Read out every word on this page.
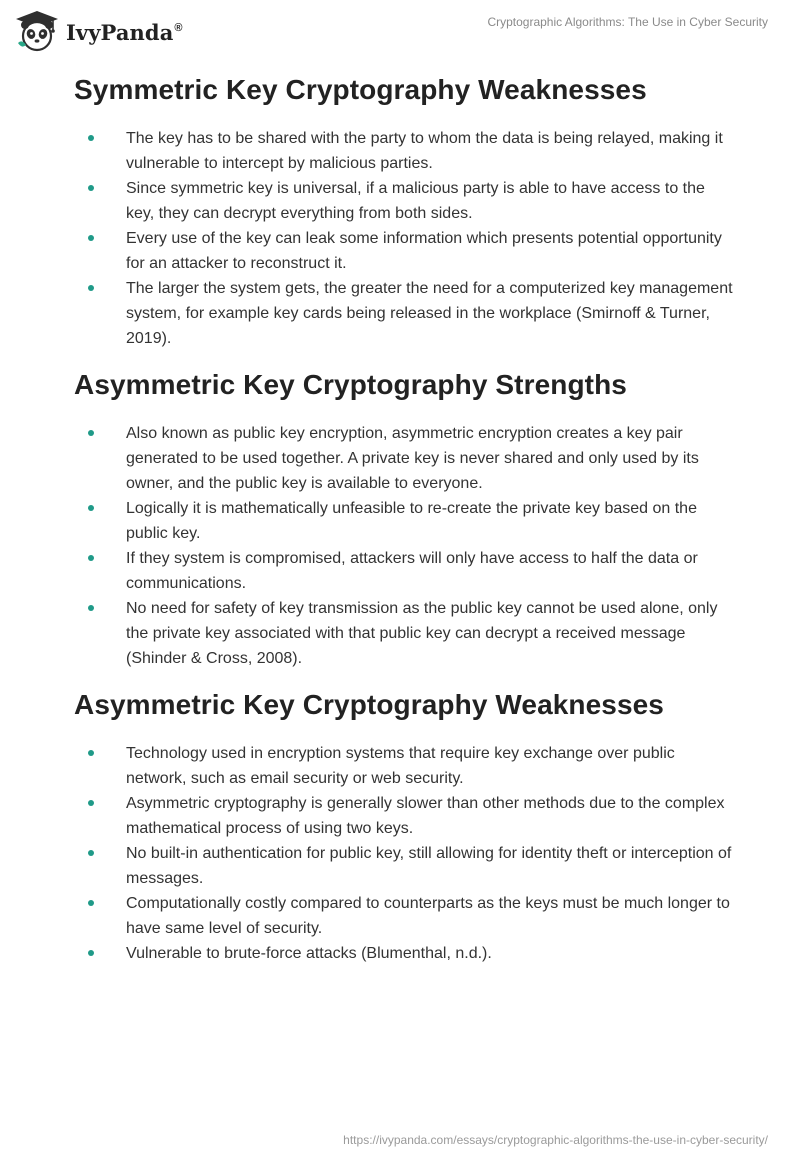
IvyPanda®	Cryptographic Algorithms: The Use in Cyber Security
Symmetric Key Cryptography Weaknesses
The key has to be shared with the party to whom the data is being relayed, making it vulnerable to intercept by malicious parties.
Since symmetric key is universal, if a malicious party is able to have access to the key, they can decrypt everything from both sides.
Every use of the key can leak some information which presents potential opportunity for an attacker to reconstruct it.
The larger the system gets, the greater the need for a computerized key management system, for example key cards being released in the workplace (Smirnoff & Turner, 2019).
Asymmetric Key Cryptography Strengths
Also known as public key encryption, asymmetric encryption creates a key pair generated to be used together. A private key is never shared and only used by its owner, and the public key is available to everyone.
Logically it is mathematically unfeasible to re-create the private key based on the public key.
If they system is compromised, attackers will only have access to half the data or communications.
No need for safety of key transmission as the public key cannot be used alone, only the private key associated with that public key can decrypt a received message (Shinder & Cross, 2008).
Asymmetric Key Cryptography Weaknesses
Technology used in encryption systems that require key exchange over public network, such as email security or web security.
Asymmetric cryptography is generally slower than other methods due to the complex mathematical process of using two keys.
No built-in authentication for public key, still allowing for identity theft or interception of messages.
Computationally costly compared to counterparts as the keys must be much longer to have same level of security.
Vulnerable to brute-force attacks (Blumenthal, n.d.).
https://ivypanda.com/essays/cryptographic-algorithms-the-use-in-cyber-security/
